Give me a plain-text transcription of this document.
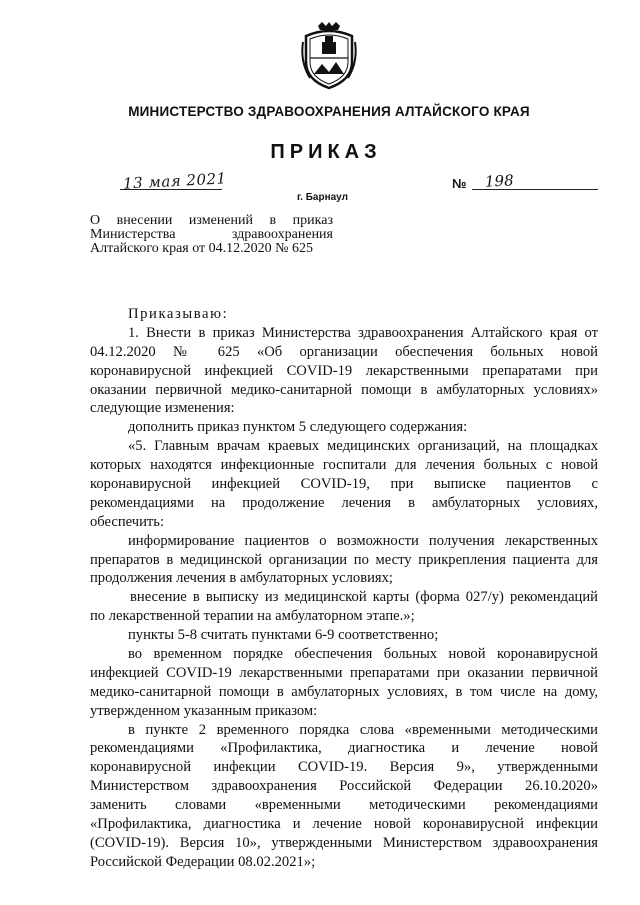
МИНИСТЕРСТВО ЗДРАВООХРАНЕНИЯ АЛТАЙСКОГО КРАЯ
ПРИКАЗ
13 мая 2021
г. Барнаул
№ 198
О внесении изменений в приказ
Министерства здравоохранения
Алтайского края от 04.12.2020 № 625
Приказываю:
1. Внести в приказ Министерства здравоохранения Алтайского края от
04.12.2020 № 625 «Об организации обеспечения больных новой
коронавирусной инфекцией COVID-19 лекарственными препаратами при
оказании первичной медико-санитарной помощи в амбулаторных условиях»
следующие изменения:
дополнить приказ пунктом 5 следующего содержания:
«5. Главным врачам краевых медицинских организаций, на площадках
которых находятся инфекционные госпитали для лечения больных с новой
коронавирусной инфекцией COVID-19, при выписке пациентов с
рекомендациями на продолжение лечения в амбулаторных условиях,
обеспечить:
информирование пациентов о возможности получения лекарственных
препаратов в медицинской организации по месту прикрепления пациента для
продолжения лечения в амбулаторных условиях;
внесение в выписку из медицинской карты (форма 027/у) рекомендаций
по лекарственной терапии на амбулаторном этапе.»;
пункты 5-8 считать пунктами 6-9 соответственно;
во временном порядке обеспечения больных новой коронавирусной
инфекцией COVID-19 лекарственными препаратами при оказании первичной
медико-санитарной помощи в амбулаторных условиях, в том числе на дому,
утвержденном указанным приказом:
в пункте 2 временного порядка слова «временными методическими
рекомендациями «Профилактика, диагностика и лечение новой
коронавирусной инфекции COVID-19. Версия 9», утвержденными
Министерством здравоохранения Российской Федерации 26.10.2020»
заменить словами «временными методическими рекомендациями
«Профилактика, диагностика и лечение новой коронавирусной инфекции
(COVID-19). Версия 10», утвержденными Министерством здравоохранения
Российской Федерации 08.02.2021»;
